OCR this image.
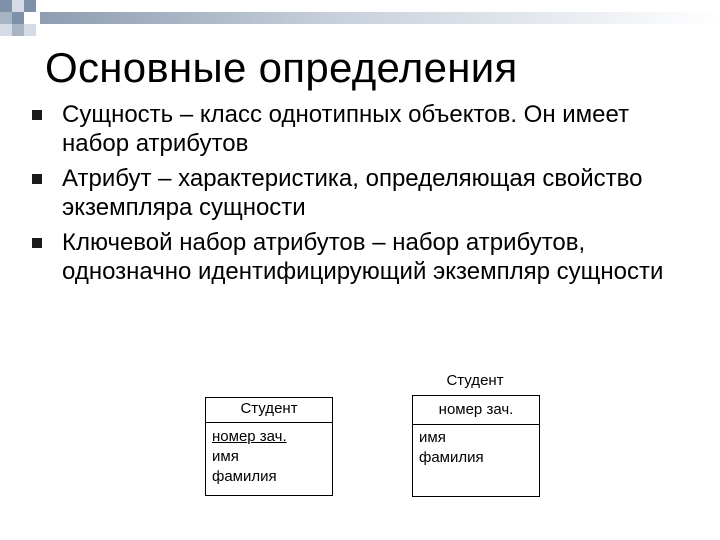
Основные определения
Сущность – класс однотипных объектов. Он имеет набор атрибутов
Атрибут – характеристика, определяющая свойство экземпляра сущности
Ключевой набор атрибутов – набор атрибутов, однозначно идентифицирующий экземпляр сущности
Студент
номер зач.
имя
фамилия
Студент
номер зач.
имя
фамилия
